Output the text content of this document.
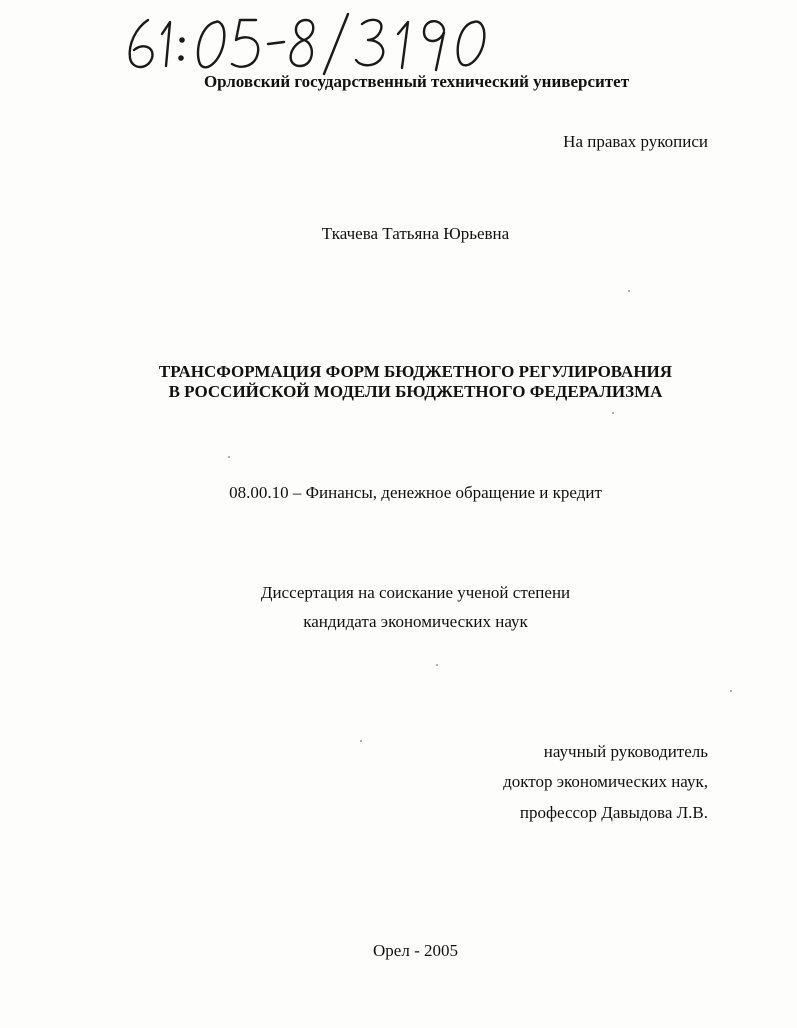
Орловский государственный технический университет
На правах рукописи
Ткачева Татьяна Юрьевна
ТРАНСФОРМАЦИЯ ФОРМ БЮДЖЕТНОГО РЕГУЛИРОВАНИЯ
В РОССИЙСКОЙ МОДЕЛИ БЮДЖЕТНОГО ФЕДЕРАЛИЗМА
08.00.10 – Финансы, денежное обращение и кредит
Диссертация на соискание ученой степени
кандидата экономических наук
научный руководитель
доктор экономических наук,
профессор Давыдова Л.В.
Орел - 2005
